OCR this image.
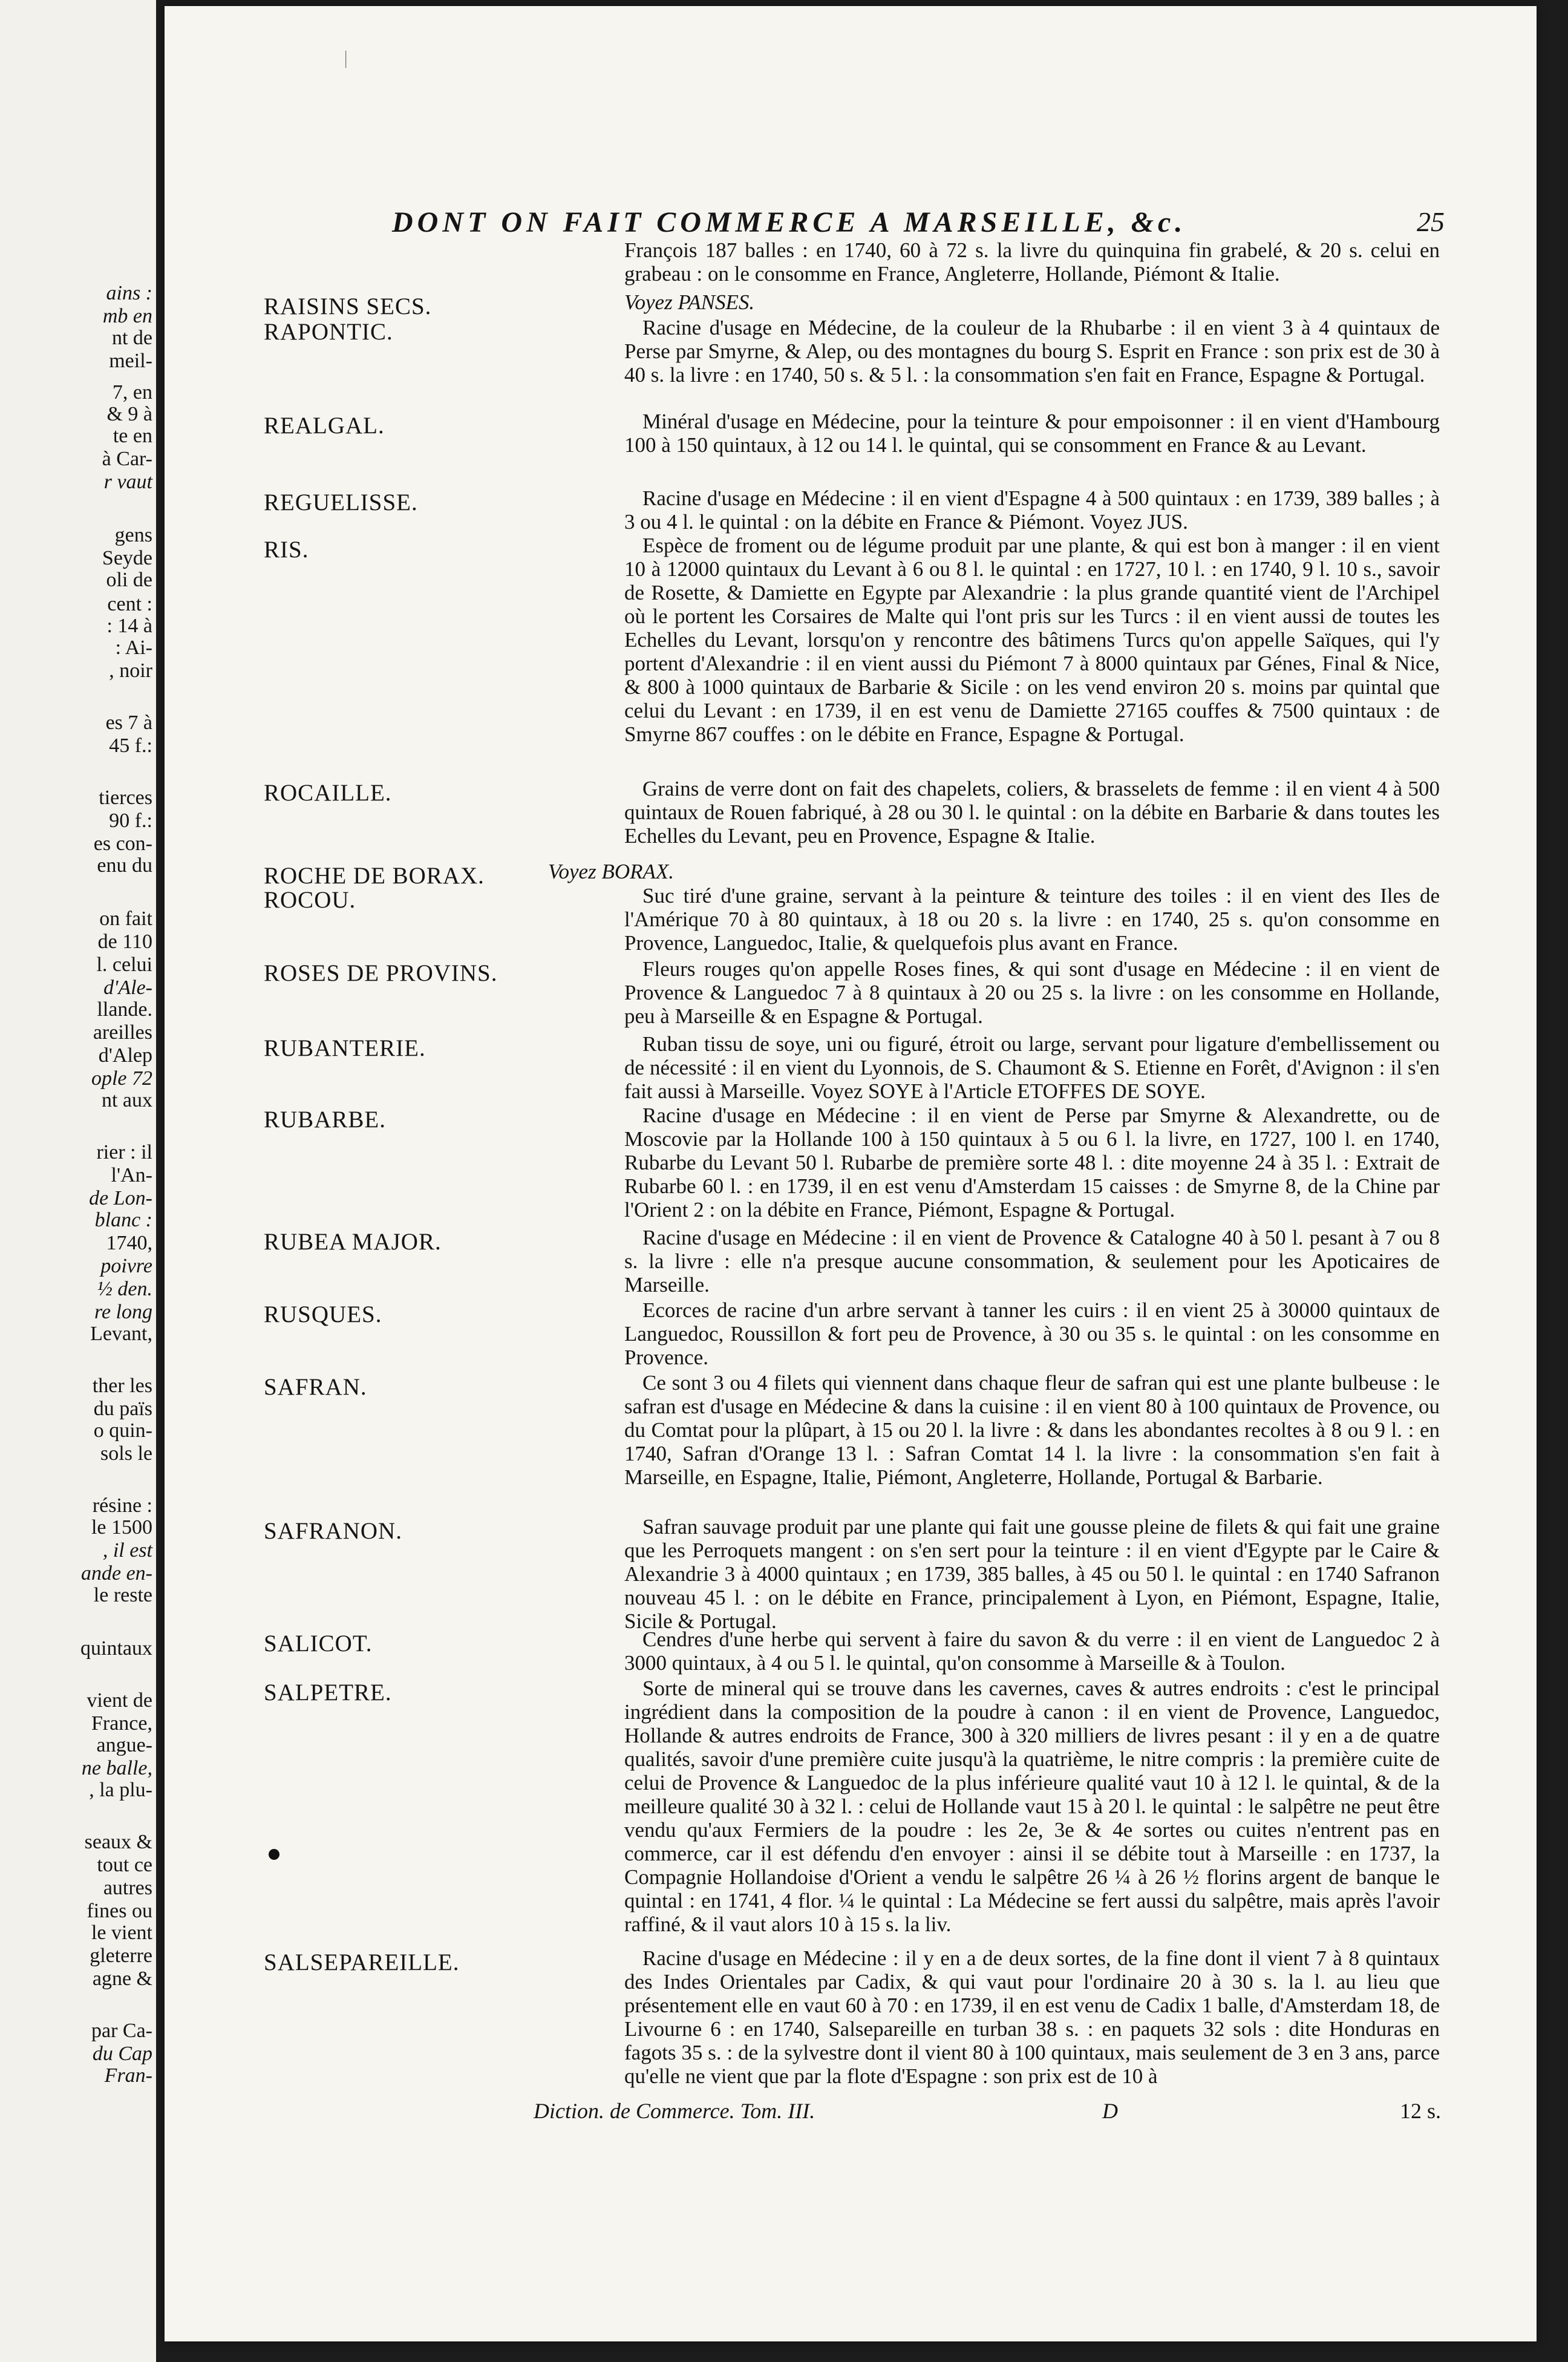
ains :
mb en
nt de
meil-
7, en
& 9 à
te en
à Car-
r vaut
gens
Seyde
oli de
cent :
: 14 à
: Ai-
, noir
es 7 à
45 f.:
tierces
90 f.:
es con-
enu du
on fait
de 110
l. celui
d'Ale-
llande.
areilles
d'Alep
ople 72
nt aux
rier : il
l'An-
de Lon-
blanc :
1740,
poivre
½ den.
re long
Levant,
ther les
du païs
o quin-
sols le
résine :
le 1500
, il est
ande en-
le reste
quintaux
vient de
France,
angue-
ne balle,
, la plu-
seaux &
tout ce
autres
fines ou
le vient
gleterre
agne &
par Ca-
du Cap
Fran-
ᛁ
DONT ON FAIT COMMERCE A MARSEILLE, &c.	25
François 187 balles : en 1740, 60 à 72 s. la livre du quinquina fin grabelé, & 20 s. celui en grabeau : on le consomme en France, Angleterre, Hollande, Piémont & Italie.
RAISINS SECS.	Voyez PANSES.
RAPONTIC.	Racine d'usage en Médecine, de la couleur de la Rhubarbe : il en vient 3 à 4 quintaux de Perse par Smyrne, & Alep, ou des montagnes du bourg S. Esprit en France : son prix est de 30 à 40 s. la livre : en 1740, 50 s. & 5 l. : la consommation s'en fait en France, Espagne & Portugal.
REALGAL.	Minéral d'usage en Médecine, pour la teinture & pour empoisonner : il en vient d'Hambourg 100 à 150 quintaux, à 12 ou 14 l. le quintal, qui se consomment en France & au Levant.
REGUELISSE.	Racine d'usage en Médecine : il en vient d'Espagne 4 à 500 quintaux : en 1739, 389 balles ; à 3 ou 4 l. le quintal : on la débite en France & Piémont. Voyez JUS.
RIS.	Espèce de froment ou de légume produit par une plante, & qui est bon à manger : il en vient 10 à 12000 quintaux du Levant à 6 ou 8 l. le quintal : en 1727, 10 l. : en 1740, 9 l. 10 s., savoir de Rosette, & Damiette en Egypte par Alexandrie : la plus grande quantité vient de l'Archipel où le portent les Corsaires de Malte qui l'ont pris sur les Turcs : il en vient aussi de toutes les Echelles du Levant, lorsqu'on y rencontre des bâtimens Turcs qu'on appelle Saïques, qui l'y portent d'Alexandrie : il en vient aussi du Piémont 7 à 8000 quintaux par Génes, Final & Nice, & 800 à 1000 quintaux de Barbarie & Sicile : on les vend environ 20 s. moins par quintal que celui du Levant : en 1739, il en est venu de Damiette 27165 couffes & 7500 quintaux : de Smyrne 867 couffes : on le débite en France, Espagne & Portugal.
ROCAILLE.	Grains de verre dont on fait des chapelets, coliers, & brasselets de femme : il en vient 4 à 500 quintaux de Rouen fabriqué, à 28 ou 30 l. le quintal : on la débite en Barbarie & dans toutes les Echelles du Levant, peu en Provence, Espagne & Italie.
ROCHE DE BORAX.	Voyez BORAX.
ROCOU.	Suc tiré d'une graine, servant à la peinture & teinture des toiles : il en vient des Iles de l'Amérique 70 à 80 quintaux, à 18 ou 20 s. la livre : en 1740, 25 s. qu'on consomme en Provence, Languedoc, Italie, & quelquefois plus avant en France.
ROSES DE PROVINS.	Fleurs rouges qu'on appelle Roses fines, & qui sont d'usage en Médecine : il en vient de Provence & Languedoc 7 à 8 quintaux à 20 ou 25 s. la livre : on les consomme en Hollande, peu à Marseille & en Espagne & Portugal.
RUBANTERIE.	Ruban tissu de soye, uni ou figuré, étroit ou large, servant pour ligature d'embellissement ou de nécessité : il en vient du Lyonnois, de S. Chaumont & S. Etienne en Forêt, d'Avignon : il s'en fait aussi à Marseille. Voyez SOYE à l'Article ETOFFES DE SOYE.
RUBARBE.	Racine d'usage en Médecine : il en vient de Perse par Smyrne & Alexandrette, ou de Moscovie par la Hollande 100 à 150 quintaux à 5 ou 6 l. la livre, en 1727, 100 l. en 1740, Rubarbe du Levant 50 l. Rubarbe de première sorte 48 l. : dite moyenne 24 à 35 l. : Extrait de Rubarbe 60 l. : en 1739, il en est venu d'Amsterdam 15 caisses : de Smyrne 8, de la Chine par l'Orient 2 : on la débite en France, Piémont, Espagne & Portugal.
RUBEA MAJOR.	Racine d'usage en Médecine : il en vient de Provence & Catalogne 40 à 50 l. pesant à 7 ou 8 s. la livre : elle n'a presque aucune consommation, & seulement pour les Apoticaires de Marseille.
RUSQUES.	Ecorces de racine d'un arbre servant à tanner les cuirs : il en vient 25 à 30000 quintaux de Languedoc, Roussillon & fort peu de Provence, à 30 ou 35 s. le quintal : on les consomme en Provence.
SAFRAN.	Ce sont 3 ou 4 filets qui viennent dans chaque fleur de safran qui est une plante bulbeuse : le safran est d'usage en Médecine & dans la cuisine : il en vient 80 à 100 quintaux de Provence, ou du Comtat pour la plûpart, à 15 ou 20 l. la livre : & dans les abondantes recoltes à 8 ou 9 l. : en 1740, Safran d'Orange 13 l. : Safran Comtat 14 l. la livre : la consommation s'en fait à Marseille, en Espagne, Italie, Piémont, Angleterre, Hollande, Portugal & Barbarie.
SAFRANON.	Safran sauvage produit par une plante qui fait une gousse pleine de filets & qui fait une graine que les Perroquets mangent : on s'en sert pour la teinture : il en vient d'Egypte par le Caire & Alexandrie 3 à 4000 quintaux ; en 1739, 385 balles, à 45 ou 50 l. le quintal : en 1740 Safranon nouveau 45 l. : on le débite en France, principalement à Lyon, en Piémont, Espagne, Italie, Sicile & Portugal.
SALICOT.	Cendres d'une herbe qui servent à faire du savon & du verre : il en vient de Languedoc 2 à 3000 quintaux, à 4 ou 5 l. le quintal, qu'on consomme à Marseille & à Toulon.
SALPETRE.	Sorte de mineral qui se trouve dans les cavernes, caves & autres endroits : c'est le principal ingrédient dans la composition de la poudre à canon : il en vient de Provence, Languedoc, Hollande & autres endroits de France, 300 à 320 milliers de livres pesant : il y en a de quatre qualités, savoir d'une première cuite jusqu'à la quatrième, le nitre compris : la première cuite de celui de Provence & Languedoc de la plus inférieure qualité vaut 10 à 12 l. le quintal, & de la meilleure qualité 30 à 32 l. : celui de Hollande vaut 15 à 20 l. le quintal : le salpêtre ne peut être vendu qu'aux Fermiers de la poudre : les 2e, 3e & 4e sortes ou cuites n'entrent pas en commerce, car il est défendu d'en envoyer : ainsi il se débite tout à Marseille : en 1737, la Compagnie Hollandoise d'Orient a vendu le salpêtre 26 ¼ à 26 ½ florins argent de banque le quintal : en 1741, 4 flor. ¼ le quintal : La Médecine se fert aussi du salpêtre, mais après l'avoir raffiné, & il vaut alors 10 à 15 s. la liv.
SALSEPAREILLE.	Racine d'usage en Médecine : il y en a de deux sortes, de la fine dont il vient 7 à 8 quintaux des Indes Orientales par Cadix, & qui vaut pour l'ordinaire 20 à 30 s. la l. au lieu que présentement elle en vaut 60 à 70 : en 1739, il en est venu de Cadix 1 balle, d'Amsterdam 18, de Livourne 6 : en 1740, Salsepareille en turban 38 s. : en paquets 32 sols : dite Honduras en fagots 35 s. : de la sylvestre dont il vient 80 à 100 quintaux, mais seulement de 3 en 3 ans, parce qu'elle ne vient que par la flote d'Espagne : son prix est de 10 à
Diction. de Commerce. Tom. III.	D	12 s.
